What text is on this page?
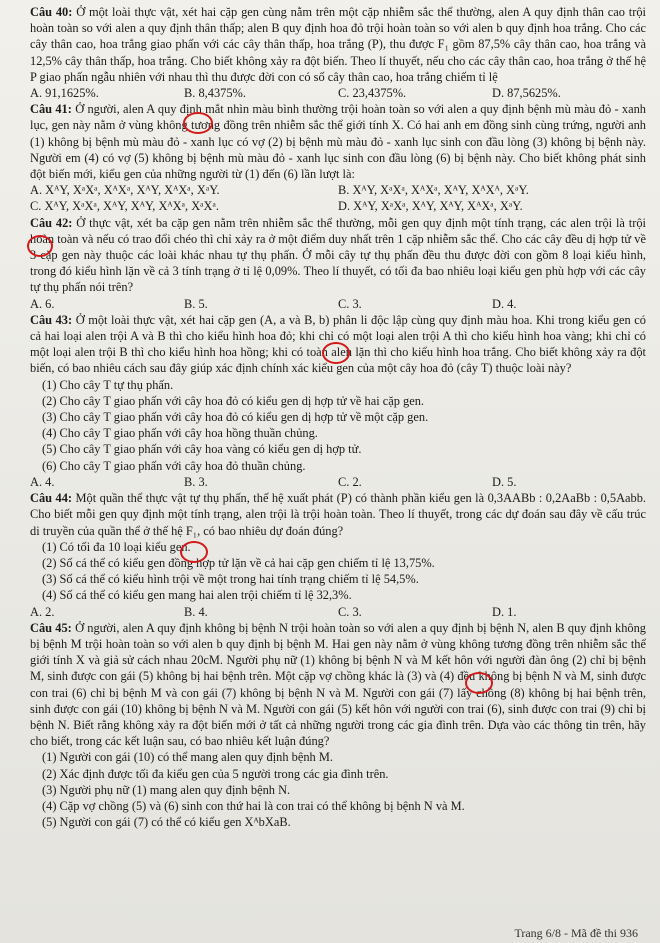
Câu 40: Ở một loài thực vật, xét hai cặp gen cùng nằm trên một cặp nhiễm sắc thể thường, alen A quy định thân cao trội hoàn toàn so với alen a quy định thân thấp; alen B quy định hoa đỏ trội hoàn toàn so với alen b quy định hoa trắng. Cho các cây thân cao, hoa trắng giao phấn với các cây thân thấp, hoa trắng (P), thu được F₁ gồm 87,5% cây thân cao, hoa trắng và 12,5% cây thân thấp, hoa trắng. Cho biết không xảy ra đột biến. Theo lí thuyết, nếu cho các cây thân cao, hoa trắng ở thế hệ P giao phấn ngẫu nhiên với nhau thì thu được đời con có số cây thân cao, hoa trắng chiếm tỉ lệ
A. 91,1625%.	B. 8,4375%.	C. 23,4375%.	D. 87,5625%.
Câu 41: Ở người, alen A quy định mắt nhìn màu bình thường trội hoàn toàn so với alen a quy định bệnh mù màu đỏ - xanh lục, gen này nằm ở vùng không tương đồng trên nhiễm sắc thể giới tính X. Có hai anh em đồng sinh cùng trứng, người anh (1) không bị bệnh mù màu đỏ - xanh lục có vợ (2) bị bệnh mù màu đỏ - xanh lục sinh con đầu lòng (3) không bị bệnh này. Người em (4) có vợ (5) không bị bệnh mù màu đỏ - xanh lục sinh con đầu lòng (6) bị bệnh này. Cho biết không phát sinh đột biến mới, kiểu gen của những người từ (1) đến (6) lần lượt là:
A. XᴬY, XᵃXᵃ, XᴬXᵃ, XᴬY, XᴬXᵃ, XᵃY.	B. XᴬY, XᵃXᵃ, XᴬXᵃ, XᴬY, XᴬXᴬ, XᵃY.
C. XᴬY, XᵃXᵃ, XᴬY, XᴬY, XᴬXᵃ, XᵃXᵃ.	D. XᴬY, XᵃXᵃ, XᴬY, XᴬY, XᴬXᵃ, XᵃY.
Câu 42: Ở thực vật, xét ba cặp gen nằm trên nhiễm sắc thể thường, mỗi gen quy định một tính trạng, các alen trội là trội hoàn toàn và nếu có trao đổi chéo thì chỉ xảy ra ở một điểm duy nhất trên 1 cặp nhiễm sắc thể. Cho các cây đều dị hợp tử về 3 cặp gen này thuộc các loài khác nhau tự thụ phấn. Ở mỗi cây tự thụ phấn đều thu được đời con gồm 8 loại kiểu hình, trong đó kiểu hình lặn về cả 3 tính trạng ở tỉ lệ 0,09%. Theo lí thuyết, có tối đa bao nhiêu loại kiểu gen phù hợp với các cây tự thụ phấn nói trên?
A. 6.	B. 5.	C. 3.	D. 4.
Câu 43: Ở một loài thực vật, xét hai cặp gen (A, a và B, b) phân li độc lập cùng quy định màu hoa. Khi trong kiểu gen có cả hai loại alen trội A và B thì cho kiểu hình hoa đỏ; khi chỉ có một loại alen trội A thì cho kiểu hình hoa vàng; khi chỉ có một loại alen trội B thì cho kiểu hình hoa hồng; khi có toàn alen lặn thì cho kiểu hình hoa trắng. Cho biết không xảy ra đột biến, có bao nhiêu cách sau đây giúp xác định chính xác kiểu gen của một cây hoa đỏ (cây T) thuộc loài này?
(1) Cho cây T tự thụ phấn.
(2) Cho cây T giao phấn với cây hoa đỏ có kiểu gen dị hợp tử về hai cặp gen.
(3) Cho cây T giao phấn với cây hoa đỏ có kiểu gen dị hợp tử về một cặp gen.
(4) Cho cây T giao phấn với cây hoa hồng thuần chủng.
(5) Cho cây T giao phấn với cây hoa vàng có kiểu gen dị hợp tử.
(6) Cho cây T giao phấn với cây hoa đỏ thuần chủng.
A. 4.	B. 3.	C. 2.	D. 5.
Câu 44: Một quần thể thực vật tự thụ phấn, thế hệ xuất phát (P) có thành phần kiểu gen là 0,3AABb : 0,2AaBb : 0,5Aabb. Cho biết mỗi gen quy định một tính trạng, alen trội là trội hoàn toàn. Theo lí thuyết, trong các dự đoán sau đây về cấu trúc di truyền của quần thể ở thế hệ F₁, có bao nhiêu dự đoán đúng?
(1) Có tối đa 10 loại kiểu gen.
(2) Số cá thể có kiểu gen đồng hợp tử lặn về cả hai cặp gen chiếm tỉ lệ 13,75%.
(3) Số cá thể có kiểu hình trội về một trong hai tính trạng chiếm tỉ lệ 54,5%.
(4) Số cá thể có kiểu gen mang hai alen trội chiếm tỉ lệ 32,3%.
A. 2.	B. 4.	C. 3.	D. 1.
Câu 45: Ở người, alen A quy định không bị bệnh N trội hoàn toàn so với alen a quy định bị bệnh N, alen B quy định không bị bệnh M trội hoàn toàn so với alen b quy định bị bệnh M. Hai gen này nằm ở vùng không tương đồng trên nhiễm sắc thể giới tính X và giả sử cách nhau 20cM. Người phụ nữ (1) không bị bệnh N và M kết hôn với người đàn ông (2) chỉ bị bệnh M, sinh được con gái (5) không bị hai bệnh trên. Một cặp vợ chồng khác là (3) và (4) đều không bị bệnh N và M, sinh được con trai (6) chỉ bị bệnh M và con gái (7) không bị bệnh N và M. Người con gái (7) lấy chồng (8) không bị hai bệnh trên, sinh được con gái (10) không bị bệnh N và M. Người con gái (5) kết hôn với người con trai (6), sinh được con trai (9) chỉ bị bệnh N. Biết rằng không xảy ra đột biến mới ở tất cả những người trong các gia đình trên. Dựa vào các thông tin trên, hãy cho biết, trong các kết luận sau, có bao nhiêu kết luận đúng?
(1) Người con gái (10) có thể mang alen quy định bệnh M.
(2) Xác định được tối đa kiểu gen của 5 người trong các gia đình trên.
(3) Người phụ nữ (1) mang alen quy định bệnh N.
(4) Cặp vợ chồng (5) và (6) sinh con thứ hai là con trai có thể không bị bệnh N và M.
(5) Người con gái (7) có thể có kiểu gen XᴬbXaB.
Trang 6/8 - Mã đề thi 936
